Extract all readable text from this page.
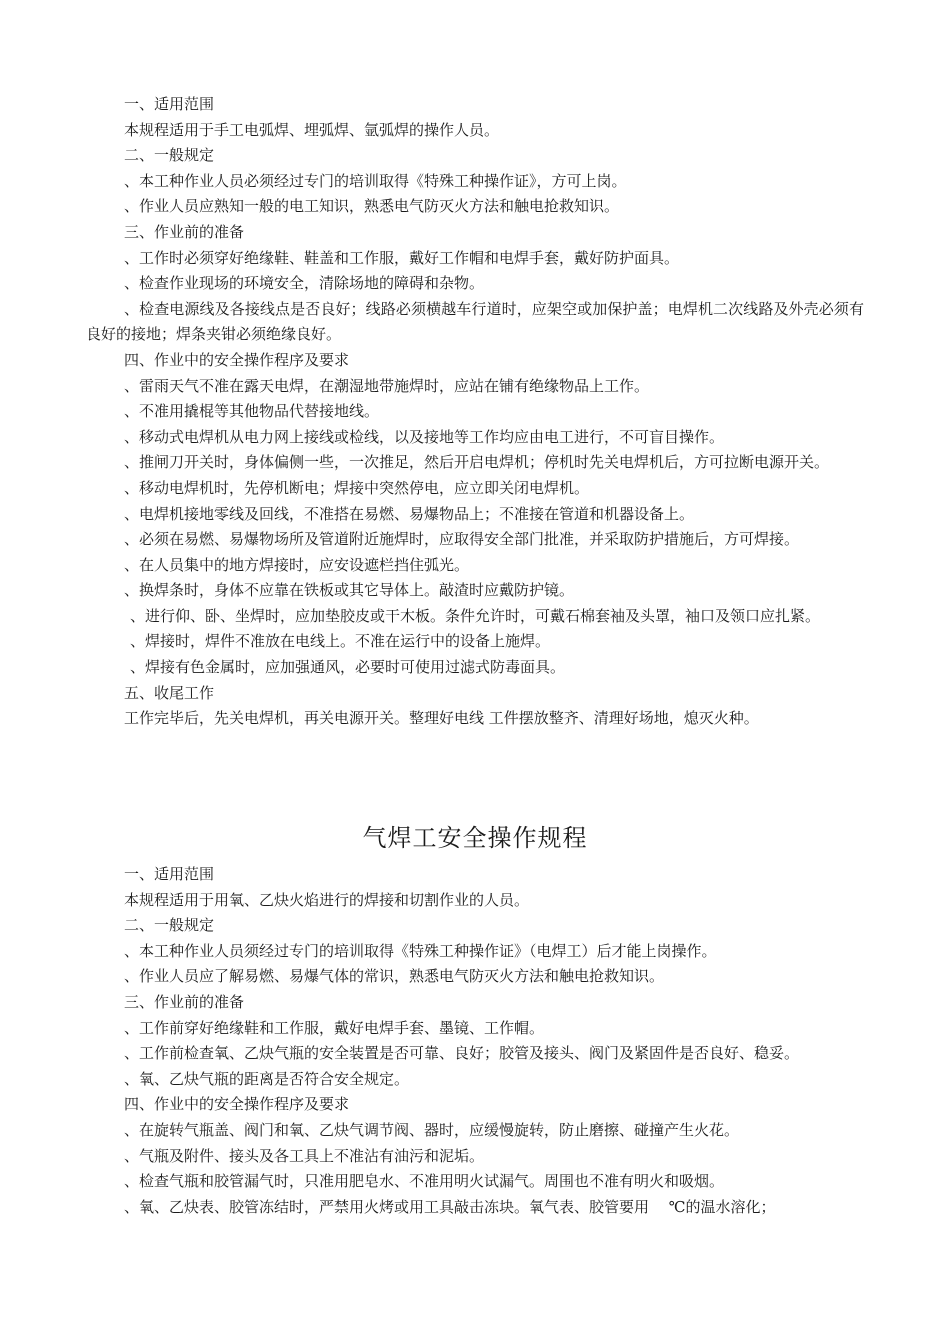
一、适用范围

本规程适用于手工电弧焊、埋弧焊、氩弧焊的操作人员。

二、一般规定

、本工种作业人员必须经过专门的培训取得《特殊工种操作证》，方可上岗。

、作业人员应熟知一般的电工知识，熟悉电气防灭火方法和触电抢救知识。

三、作业前的准备

、工作时必须穿好绝缘鞋、鞋盖和工作服，戴好工作帽和电焊手套，戴好防护面具。

、检查作业现场的环境安全，清除场地的障碍和杂物。

、检查电源线及各接线点是否良好；线路必须横越车行道时，应架空或加保护盖；电焊机二次线路及外壳必须有良好的接地；焊条夹钳必须绝缘良好。

四、作业中的安全操作程序及要求

、雷雨天气不准在露天电焊，在潮湿地带施焊时，应站在铺有绝缘物品上工作。

、不准用撬棍等其他物品代替接地线。

、移动式电焊机从电力网上接线或检线，以及接地等工作均应由电工进行，不可盲目操作。

、推闸刀开关时，身体偏侧一些，一次推足，然后开启电焊机；停机时先关电焊机后，方可拉断电源开关。

、移动电焊机时，先停机断电；焊接中突然停电，应立即关闭电焊机。

、电焊机接地零线及回线，不准搭在易燃、易爆物品上；不准接在管道和机器设备上。

、必须在易燃、易爆物场所及管道附近施焊时，应取得安全部门批准，并采取防护措施后，方可焊接。

、在人员集中的地方焊接时，应安设遮栏挡住弧光。

、换焊条时，身体不应靠在铁板或其它导体上。敲渣时应戴防护镜。

、进行仰、卧、坐焊时，应加垫胶皮或干木板。条件允许时，可戴石棉套袖及头罩，袖口及领口应扎紧。

、焊接时，焊件不准放在电线上。不准在运行中的设备上施焊。

、焊接有色金属时，应加强通风，必要时可使用过滤式防毒面具。

五、收尾工作

工作完毕后，先关电焊机，再关电源开关。整理好电线 工件摆放整齐、清理好场地，熄灭火种。

气焊工安全操作规程

一、适用范围

本规程适用于用氧、乙炔火焰进行的焊接和切割作业的人员。

二、一般规定

、本工种作业人员须经过专门的培训取得《特殊工种操作证》（电焊工）后才能上岗操作。

、作业人员应了解易燃、易爆气体的常识，熟悉电气防灭火方法和触电抢救知识。

三、作业前的准备

、工作前穿好绝缘鞋和工作服，戴好电焊手套、墨镜、工作帽。

、工作前检查氧、乙炔气瓶的安全装置是否可靠、良好；胶管及接头、阀门及紧固件是否良好、稳妥。

、氧、乙炔气瓶的距离是否符合安全规定。

四、作业中的安全操作程序及要求

、在旋转气瓶盖、阀门和氧、乙炔气调节阀、器时，应缓慢旋转，防止磨擦、碰撞产生火花。

、气瓶及附件、接头及各工具上不准沾有油污和泥垢。

、检查气瓶和胶管漏气时，只准用肥皂水、不准用明火试漏气。周围也不准有明火和吸烟。

、氧、乙炔表、胶管冻结时，严禁用火烤或用工具敲击冻块。氧气表、胶管要用　 ℃的温水溶化；
